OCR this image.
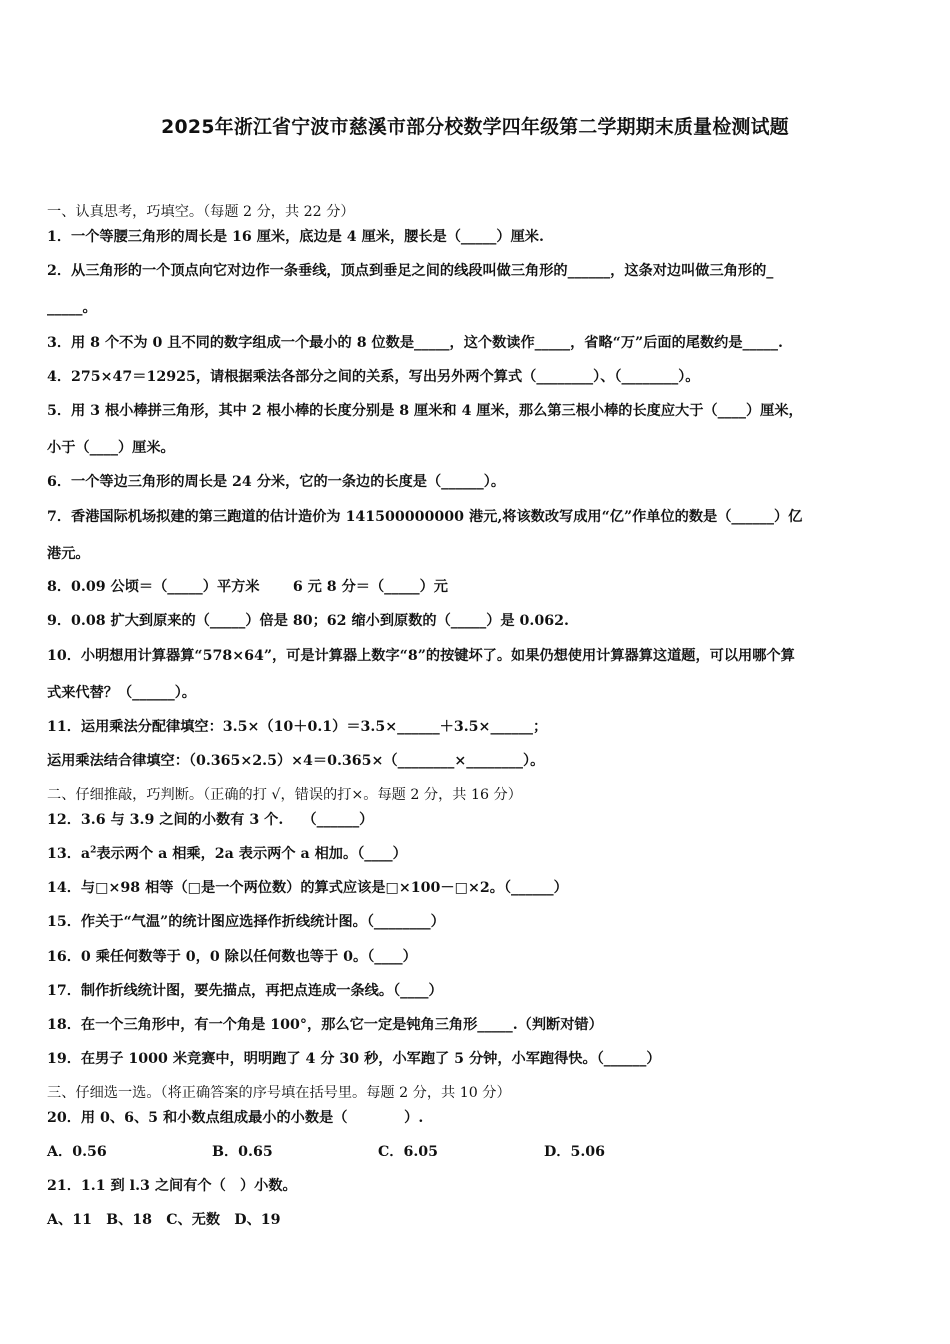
2025年浙江省宁波市慈溪市部分校数学四年级第二学期期末质量检测试题
一、认真思考，巧填空。（每题 2 分，共 22 分）
1．一个等腰三角形的周长是 16 厘米，底边是 4 厘米，腰长是（_____）厘米.
2．从三角形的一个顶点向它对边作一条垂线，顶点到垂足之间的线段叫做三角形的______，这条对边叫做三角形的_
_____。
3．用 8 个不为 0 且不同的数字组成一个最小的 8 位数是_____，这个数读作_____，省略“万”后面的尾数约是_____.
4．275×47＝12925，请根据乘法各部分之间的关系，写出另外两个算式（________）、（________）。
5．用 3 根小棒拼三角形，其中 2 根小棒的长度分别是 8 厘米和 4 厘米，那么第三根小棒的长度应大于（____）厘米，
小于（____）厘米。
6．一个等边三角形的周长是 24 分米，它的一条边的长度是（______）。
7．香港国际机场拟建的第三跑道的估计造价为 141500000000 港元,将该数改写成用“亿”作单位的数是（______）亿
港元。
8．0.09 公顷＝（_____）平方米　　 6 元 8 分＝（_____）元
9．0.08 扩大到原来的（_____）倍是 80；62 缩小到原数的（_____）是 0.062.
10．小明想用计算器算“578×64”，可是计算器上数字“8”的按键坏了。如果仍想使用计算器算这道题，可以用哪个算
式来代替？（______）。
11．运用乘法分配律填空：3.5×（10＋0.1）＝3.5×______＋3.5×______；
运用乘法结合律填空：（0.365×2.5）×4＝0.365×（________×________）。
二、仔细推敲，巧判断。（正确的打 √，错误的打×。每题 2 分，共 16 分）
12．3.6 与 3.9 之间的小数有 3 个.　 （______）
13．$a^2$表示两个 a 相乘，2a 表示两个 a 相加。（____）
14．与□×98 相等（□是一个两位数）的算式应该是□×100－□×2。（______）
15．作关于“气温”的统计图应选择作折线统计图。（________）
16．0 乘任何数等于 0，0 除以任何数也等于 0。（____）
17．制作折线统计图，要先描点，再把点连成一条线。（____）
18．在一个三角形中，有一个角是 100°，那么它一定是钝角三角形_____.（判断对错）
19．在男子 1000 米竞赛中，明明跑了 4 分 30 秒，小军跑了 5 分钟，小军跑得快。（______）
三、仔细选一选。（将正确答案的序号填在括号里。每题 2 分，共 10 分）
20．用 0、6、5 和小数点组成最小的小数是（　　　　）.
A．0.56	B．0.65	C．6.05	D．5.06
21．1.1 到 l.3 之间有个（　）小数。
A、11　B、18　C、无数　D、19
